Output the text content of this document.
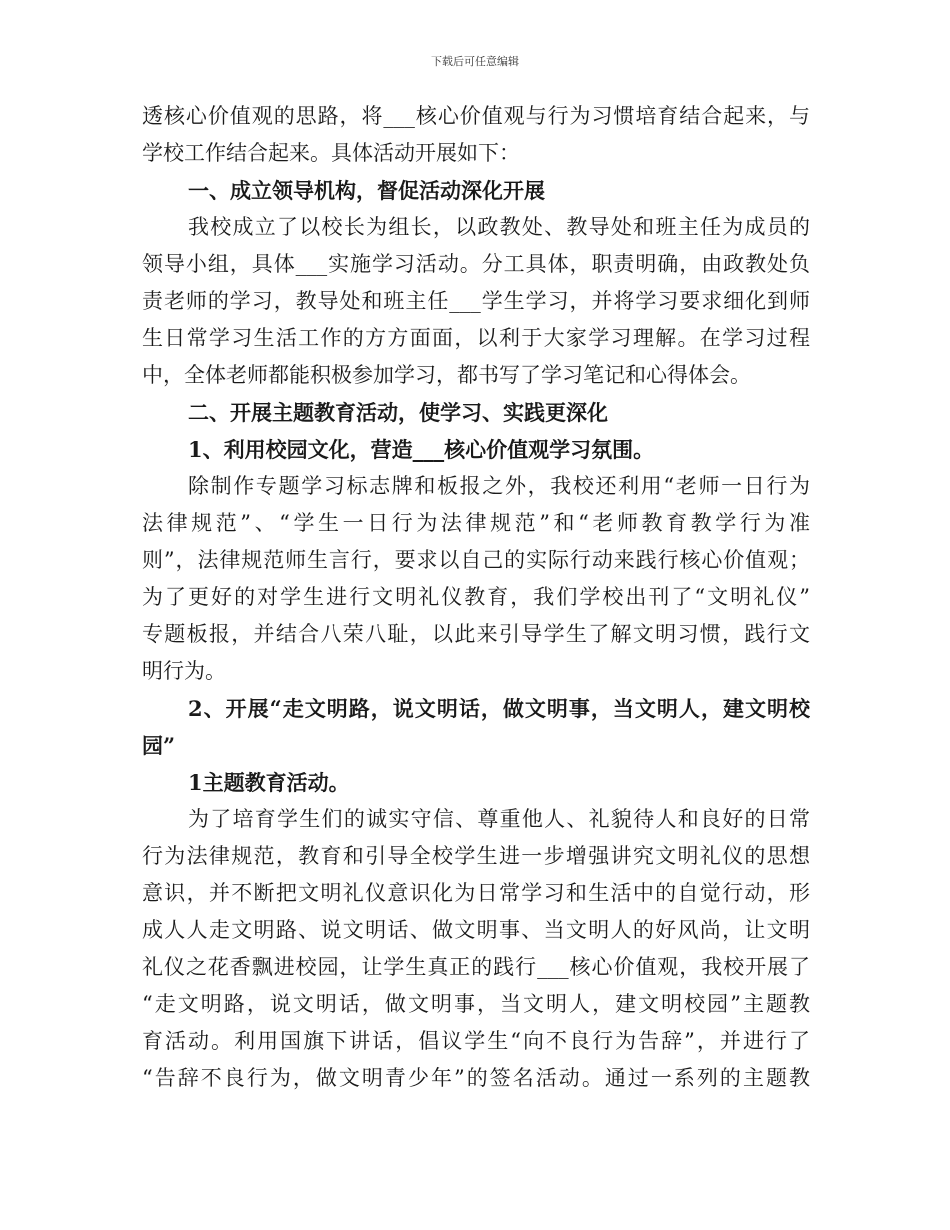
下载后可任意编辑
透核心价值观的思路，将___核心价值观与行为习惯培育结合起来，与
学校工作结合起来。具体活动开展如下：
一、成立领导机构，督促活动深化开展
我校成立了以校长为组长，以政教处、教导处和班主任为成员的
领导小组，具体___实施学习活动。分工具体，职责明确，由政教处负
责老师的学习，教导处和班主任___学生学习，并将学习要求细化到师
生日常学习生活工作的方方面面，以利于大家学习理解。在学习过程
中，全体老师都能积极参加学习，都书写了学习笔记和心得体会。
二、开展主题教育活动，使学习、实践更深化
1、利用校园文化，营造___核心价值观学习氛围。
除制作专题学习标志牌和板报之外，我校还利用“老师一日行为
法律规范”、“学生一日行为法律规范”和“老师教育教学行为准
则”，法律规范师生言行，要求以自己的实际行动来践行核心价值观；
为了更好的对学生进行文明礼仪教育，我们学校出刊了“文明礼仪”
专题板报，并结合八荣八耻，以此来引导学生了解文明习惯，践行文
明行为。
2、开展“走文明路，说文明话，做文明事，当文明人，建文明校
园”
1主题教育活动。
为了培育学生们的诚实守信、尊重他人、礼貌待人和良好的日常
行为法律规范，教育和引导全校学生进一步增强讲究文明礼仪的思想
意识，并不断把文明礼仪意识化为日常学习和生活中的自觉行动，形
成人人走文明路、说文明话、做文明事、当文明人的好风尚，让文明
礼仪之花香飘进校园，让学生真正的践行___核心价值观，我校开展了
“走文明路，说文明话，做文明事，当文明人，建文明校园”主题教
育活动。利用国旗下讲话，倡议学生“向不良行为告辞”，并进行了
“告辞不良行为，做文明青少年”的签名活动。通过一系列的主题教
